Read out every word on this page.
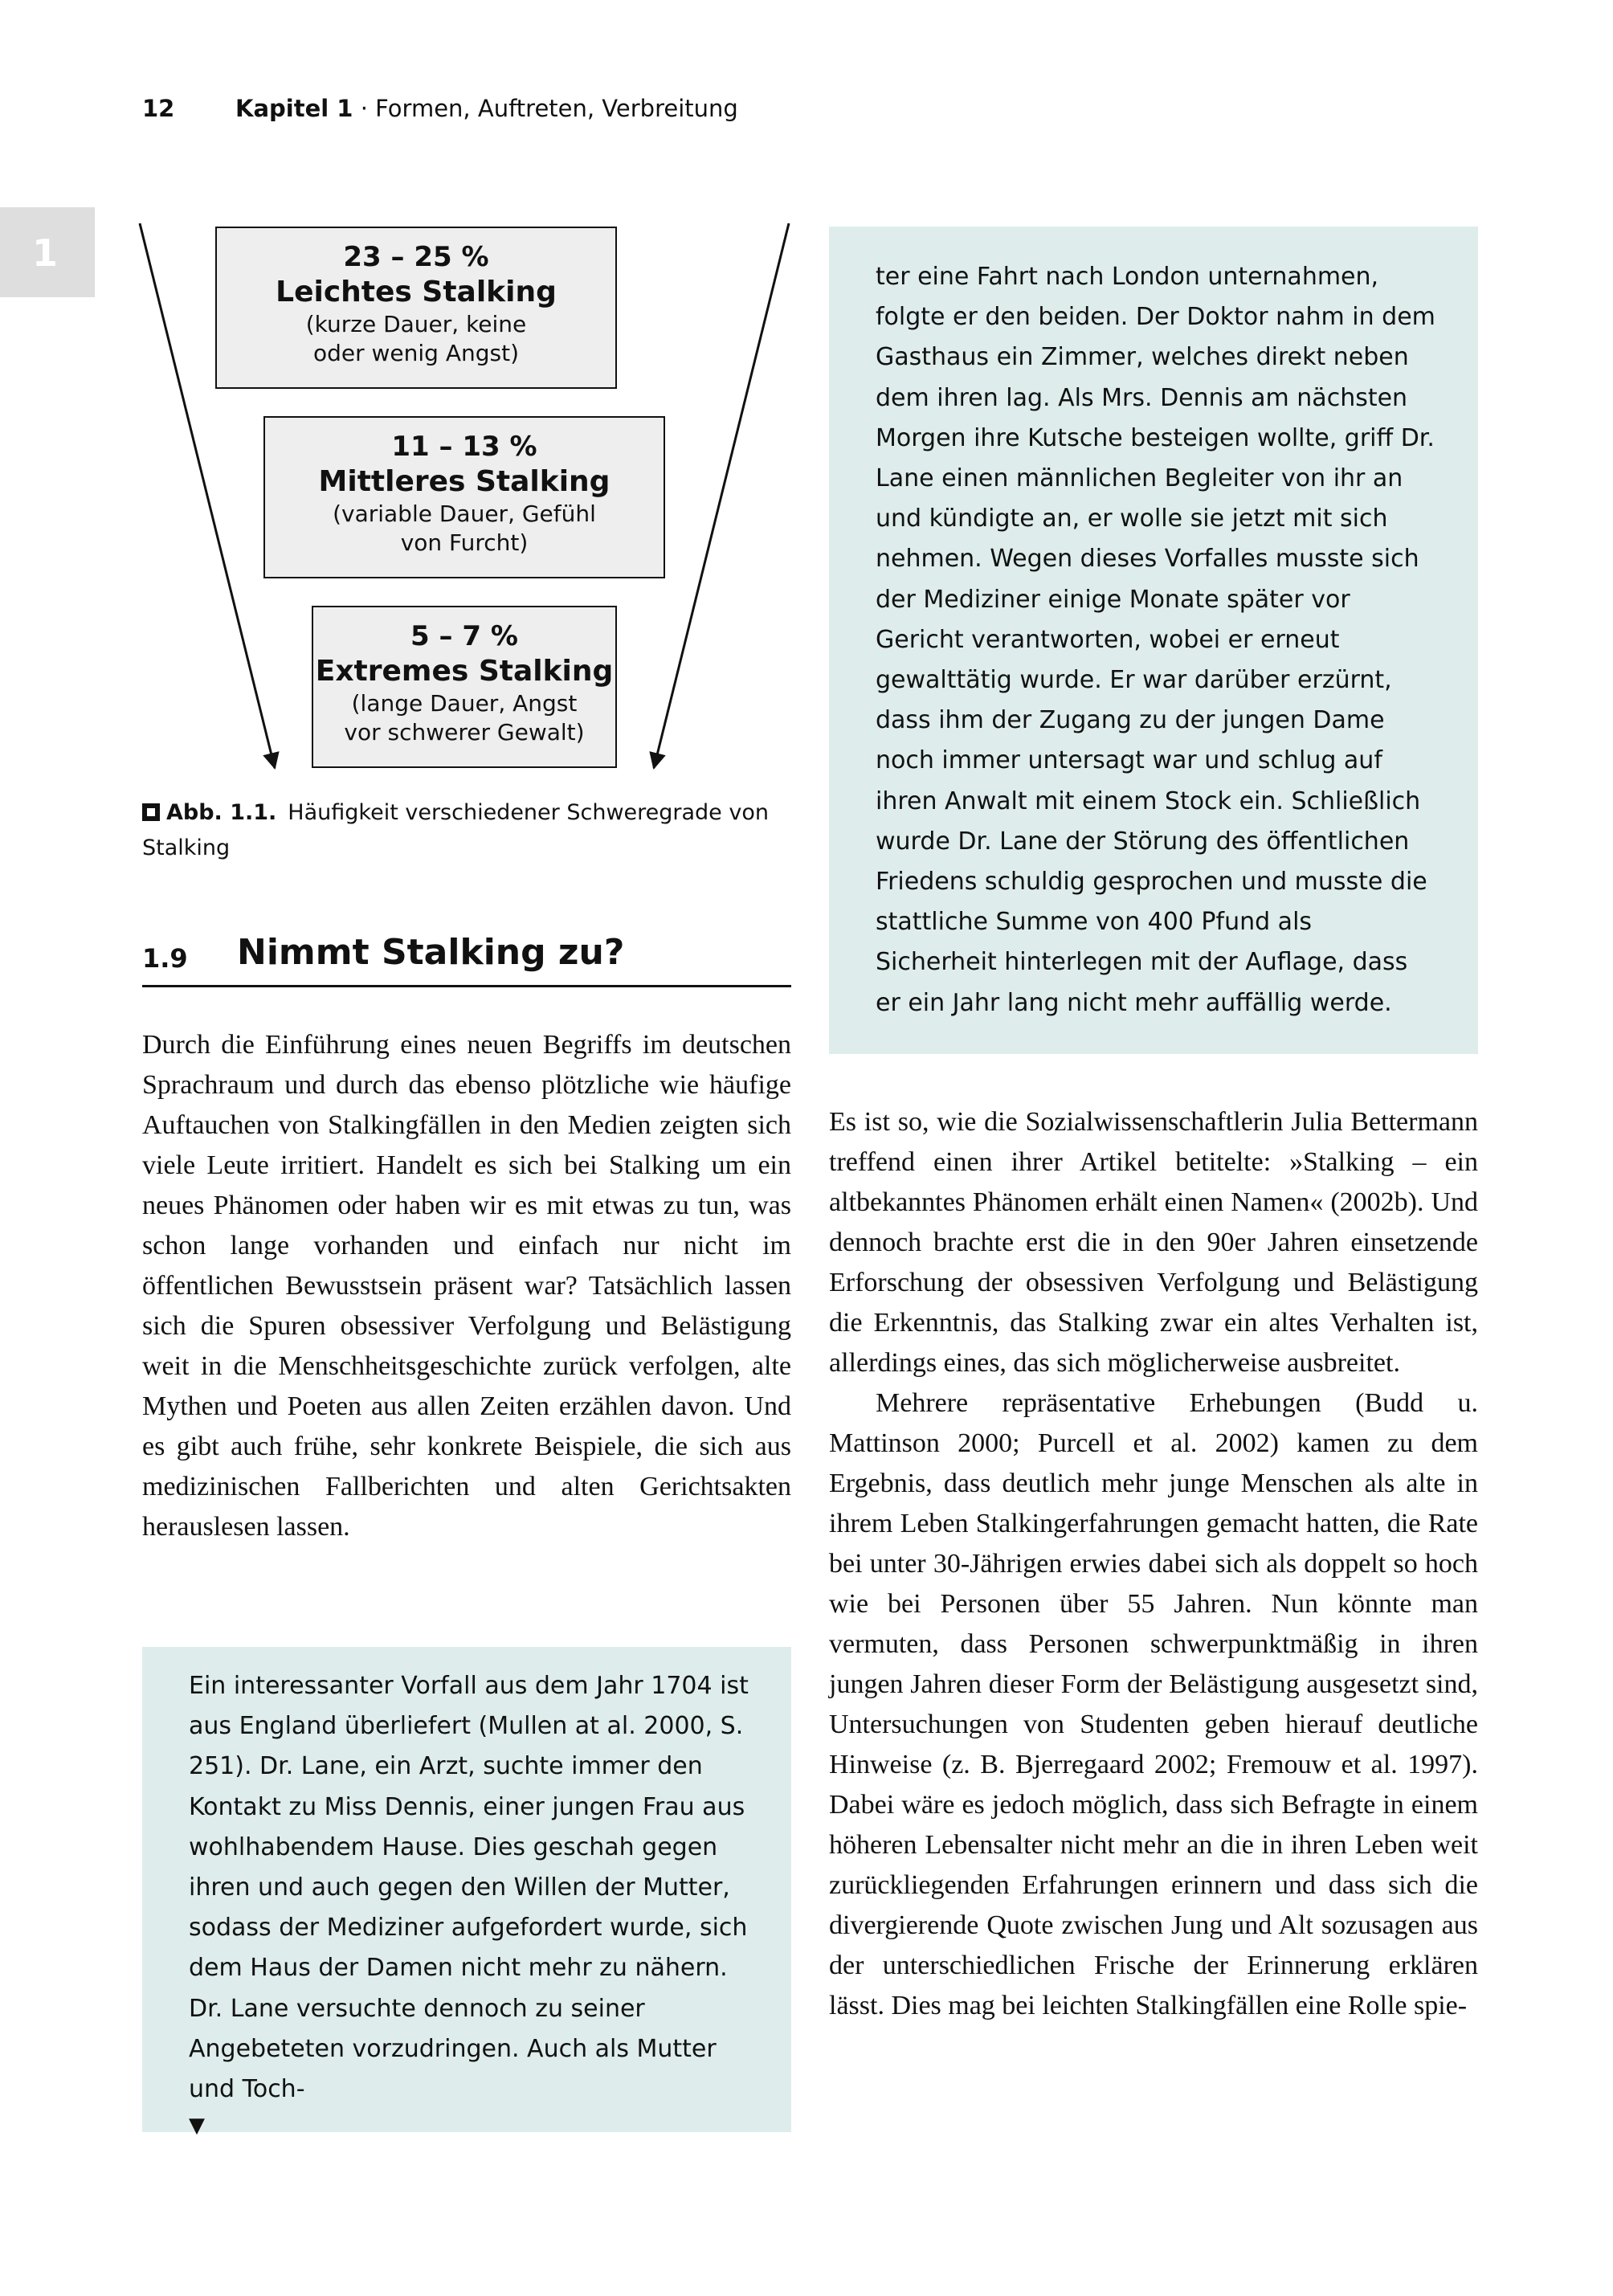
12	Kapitel 1 · Formen, Auftreten, Verbreitung
1	23 – 25 %
Leichtes Stalking
(kurze Dauer, keine
oder wenig Angst)
11 – 13 %
Mittleres Stalking
(variable Dauer, Gefühl
von Furcht)
5 – 7 %
Extremes Stalking
(lange Dauer, Angst
vor schwerer Gewalt)
Abb. 1.1. Häufigkeit verschiedener Schweregrade von Stalking
1.9 Nimmt Stalking zu?

Durch die Einführung eines neuen Begriffs im deutschen Sprachraum und durch das ebenso plötzliche wie häufige Auftauchen von Stalkingfällen in den Medien zeigten sich viele Leute irritiert. Handelt es sich bei Stalking um ein neues Phänomen oder haben wir es mit etwas zu tun, was schon lange vorhanden und einfach nur nicht im öffentlichen Bewusstsein präsent war? Tatsächlich lassen sich die Spuren obsessiver Verfolgung und Belästigung weit in die Menschheitsgeschichte zurück verfolgen, alte Mythen und Poeten aus allen Zeiten erzählen davon. Und es gibt auch frühe, sehr konkrete Beispiele, die sich aus medizinischen Fallberichten und alten Gerichtsakten herauslesen lassen.

Ein interessanter Vorfall aus dem Jahr 1704 ist aus England überliefert (Mullen at al. 2000, S. 251). Dr. Lane, ein Arzt, suchte immer den Kontakt zu Miss Dennis, einer jungen Frau aus wohlhabendem Hause. Dies geschah gegen ihren und auch gegen den Willen der Mutter, sodass der Mediziner aufgefordert wurde, sich dem Haus der Damen nicht mehr zu nähern. Dr. Lane versuchte dennoch zu seiner Angebeteten vorzudringen. Auch als Mutter und Toch-

▼

ter eine Fahrt nach London unternahmen, folgte er den beiden. Der Doktor nahm in dem Gasthaus ein Zimmer, welches direkt neben dem ihren lag. Als Mrs. Dennis am nächsten Morgen ihre Kutsche besteigen wollte, griff Dr. Lane einen männlichen Begleiter von ihr an und kündigte an, er wolle sie jetzt mit sich nehmen. Wegen dieses Vorfalles musste sich der Mediziner einige Monate später vor Gericht verantworten, wobei er erneut gewalttätig wurde. Er war darüber erzürnt, dass ihm der Zugang zu der jungen Dame noch immer untersagt war und schlug auf ihren Anwalt mit einem Stock ein. Schließlich wurde Dr. Lane der Störung des öffentlichen Friedens schuldig gesprochen und musste die stattliche Summe von 400 Pfund als Sicherheit hinterlegen mit der Auflage, dass er ein Jahr lang nicht mehr auffällig werde.

Es ist so, wie die Sozialwissenschaftlerin Julia Bettermann treffend einen ihrer Artikel betitelte: »Stalking – ein altbekanntes Phänomen erhält einen Namen« (2002b). Und dennoch brachte erst die in den 90er Jahren einsetzende Erforschung der obsessiven Verfolgung und Belästigung die Erkenntnis, das Stalking zwar ein altes Verhalten ist, allerdings eines, das sich möglicherweise ausbreitet.

Mehrere repräsentative Erhebungen (Budd u. Mattinson 2000; Purcell et al. 2002) kamen zu dem Ergebnis, dass deutlich mehr junge Menschen als alte in ihrem Leben Stalkingerfahrungen gemacht hatten, die Rate bei unter 30-Jährigen erwies dabei sich als doppelt so hoch wie bei Personen über 55 Jahren. Nun könnte man vermuten, dass Personen schwerpunktmäßig in ihren jungen Jahren dieser Form der Belästigung ausgesetzt sind, Untersuchungen von Studenten geben hierauf deutliche Hinweise (z. B. Bjerregaard 2002; Fremouw et al. 1997). Dabei wäre es jedoch möglich, dass sich Befragte in einem höheren Lebensalter nicht mehr an die in ihren Leben weit zurückliegenden Erfahrungen erinnern und dass sich die divergierende Quote zwischen Jung und Alt sozusagen aus der unterschiedlichen Frische der Erinnerung erklären lässt. Dies mag bei leichten Stalkingfällen eine Rolle spie-
